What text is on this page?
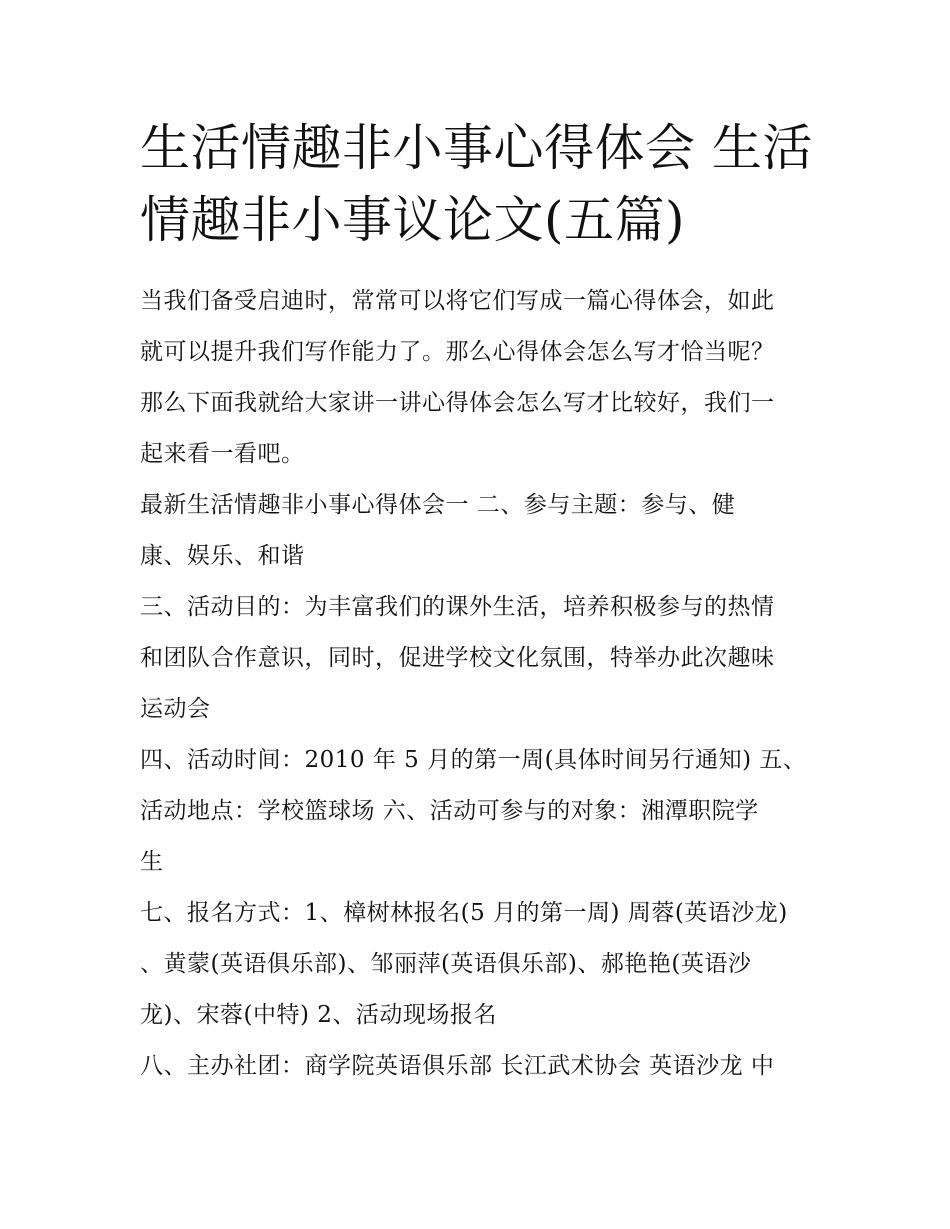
生活情趣非小事心得体会 生活
情趣非小事议论文(五篇)

当我们备受启迪时，常常可以将它们写成一篇心得体会，如此
就可以提升我们写作能力了。那么心得体会怎么写才恰当呢？
那么下面我就给大家讲一讲心得体会怎么写才比较好，我们一
起来看一看吧。

最新生活情趣非小事心得体会一 二、参与主题：参与、健
康、娱乐、和谐

三、活动目的：为丰富我们的课外生活，培养积极参与的热情
和团队合作意识，同时，促进学校文化氛围，特举办此次趣味
运动会

四、活动时间：2010 年 5 月的第一周(具体时间另行通知) 五、
活动地点：学校篮球场 六、活动可参与的对象：湘潭职院学
生

七、报名方式：1、樟树林报名(5 月的第一周) 周蓉(英语沙龙)
、黄蒙(英语俱乐部)、邹丽萍(英语俱乐部)、郝艳艳(英语沙
龙)、宋蓉(中特) 2、活动现场报名

八、主办社团：商学院英语俱乐部 长江武术协会 英语沙龙 中
